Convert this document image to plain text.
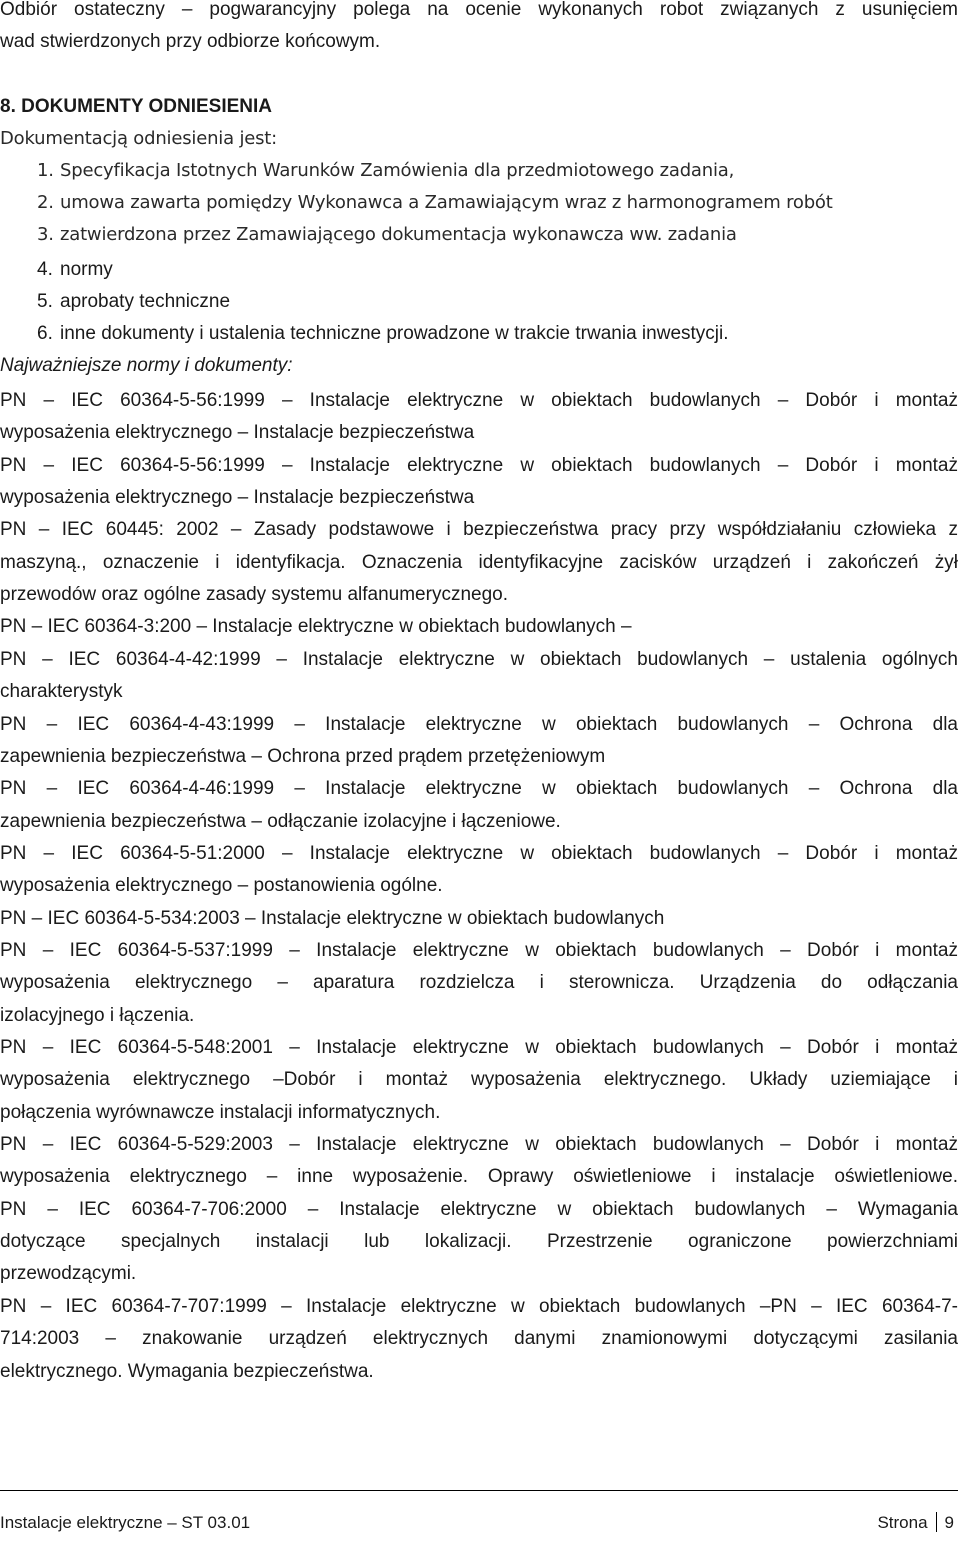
Odbiór ostateczny – pogwarancyjny polega na ocenie wykonanych robot związanych z usunięciem
wad stwierdzonych przy odbiorze końcowym.
8. DOKUMENTY ODNIESIENIA
Dokumentacją odniesienia jest:
1. Specyfikacja Istotnych Warunków Zamówienia dla przedmiotowego zadania,
2. umowa zawarta pomiędzy Wykonawca a Zamawiającym wraz z harmonogramem robót
3. zatwierdzona przez Zamawiającego dokumentacja wykonawcza ww. zadania
4. normy
5. aprobaty techniczne
6. inne dokumenty i ustalenia techniczne prowadzone w trakcie trwania inwestycji.
Najważniejsze normy i dokumenty:
PN – IEC 60364-5-56:1999 – Instalacje elektryczne w obiektach budowlanych – Dobór i montaż
wyposażenia elektrycznego – Instalacje bezpieczeństwa
PN – IEC 60364-5-56:1999 – Instalacje elektryczne w obiektach budowlanych – Dobór i montaż
wyposażenia elektrycznego – Instalacje bezpieczeństwa
PN – IEC 60445: 2002 – Zasady podstawowe i bezpieczeństwa pracy przy współdziałaniu człowieka z
maszyną., oznaczenie i identyfikacja. Oznaczenia identyfikacyjne zacisków urządzeń i zakończeń żył
przewodów oraz ogólne zasady systemu alfanumerycznego.
PN – IEC 60364-3:200 – Instalacje elektryczne w obiektach budowlanych –
PN – IEC 60364-4-42:1999 – Instalacje elektryczne w obiektach budowlanych – ustalenia ogólnych
charakterystyk
PN – IEC 60364-4-43:1999 – Instalacje elektryczne w obiektach budowlanych – Ochrona dla
zapewnienia bezpieczeństwa – Ochrona przed prądem przetężeniowym
PN – IEC 60364-4-46:1999 – Instalacje elektryczne w obiektach budowlanych – Ochrona dla
zapewnienia bezpieczeństwa – odłączanie izolacyjne i łączeniowe.
PN – IEC 60364-5-51:2000 – Instalacje elektryczne w obiektach budowlanych – Dobór i montaż
wyposażenia elektrycznego – postanowienia ogólne.
PN – IEC 60364-5-534:2003 – Instalacje elektryczne w obiektach budowlanych
PN – IEC 60364-5-537:1999 – Instalacje elektryczne w obiektach budowlanych – Dobór i montaż
wyposażenia elektrycznego – aparatura rozdzielcza i sterownicza. Urządzenia do odłączania
izolacyjnego i łączenia.
PN – IEC 60364-5-548:2001 – Instalacje elektryczne w obiektach budowlanych – Dobór i montaż
wyposażenia elektrycznego –Dobór i montaż wyposażenia elektrycznego. Układy uziemiające i
połączenia wyrównawcze instalacji informatycznych.
PN – IEC 60364-5-529:2003 – Instalacje elektryczne w obiektach budowlanych – Dobór i montaż
wyposażenia elektrycznego – inne wyposażenie. Oprawy oświetleniowe i instalacje oświetleniowe.
PN – IEC 60364-7-706:2000 – Instalacje elektryczne w obiektach budowlanych – Wymagania
dotyczące specjalnych instalacji lub lokalizacji. Przestrzenie ograniczone powierzchniami
przewodzącymi.
PN – IEC 60364-7-707:1999 – Instalacje elektryczne w obiektach budowlanych –PN – IEC 60364-7-
714:2003 – znakowanie urządzeń elektrycznych danymi znamionowymi dotyczącymi zasilania
elektrycznego. Wymagania bezpieczeństwa.
Instalacje elektryczne – ST 03.01	Strona 9
